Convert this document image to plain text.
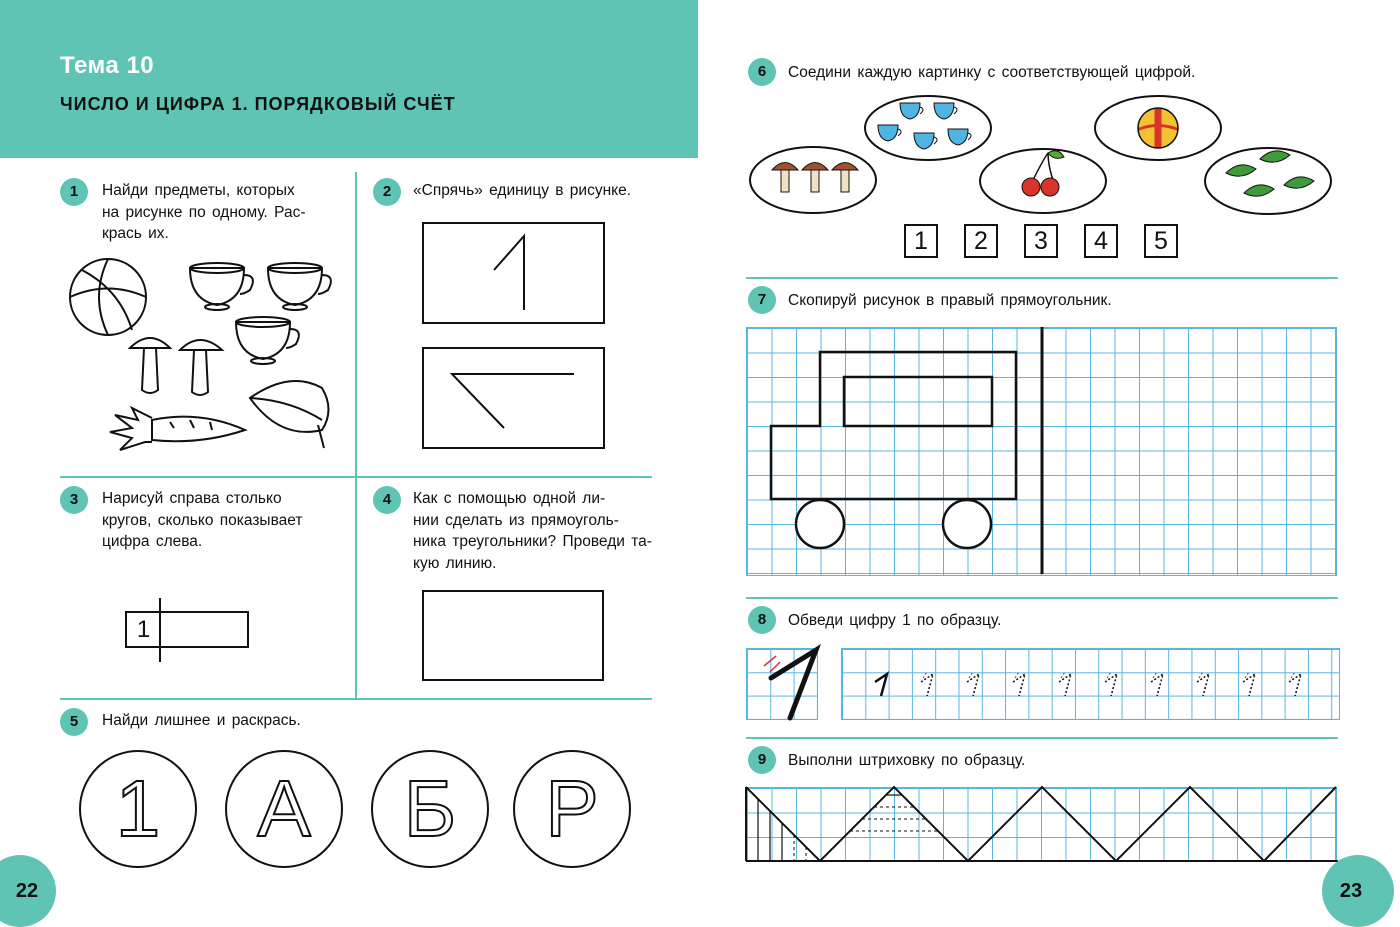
Тема 10
ЧИСЛО И ЦИФРА 1. ПОРЯДКОВЫЙ СЧЁТ
1	Найди предметы, которых
на рисунке по одному. Рас-
крась их.
2	«Спрячь» единицу в рисунке.
3	Нарисуй справа столько
кругов, сколько показывает
цифра слева.
1
4	Как с помощью одной ли-
нии сделать из прямоуголь-
ника треугольники? Проведи та-
кую линию.
5	Найди лишнее и раскрась.
1 А Б Р
22
6	Соедини каждую картинку с соответствующей цифрой.
1	2	3	4	5
7	Скопируй рисунок в правый прямоугольник.
8	Обведи цифру 1 по образцу.
9	Выполни штриховку по образцу.
23
